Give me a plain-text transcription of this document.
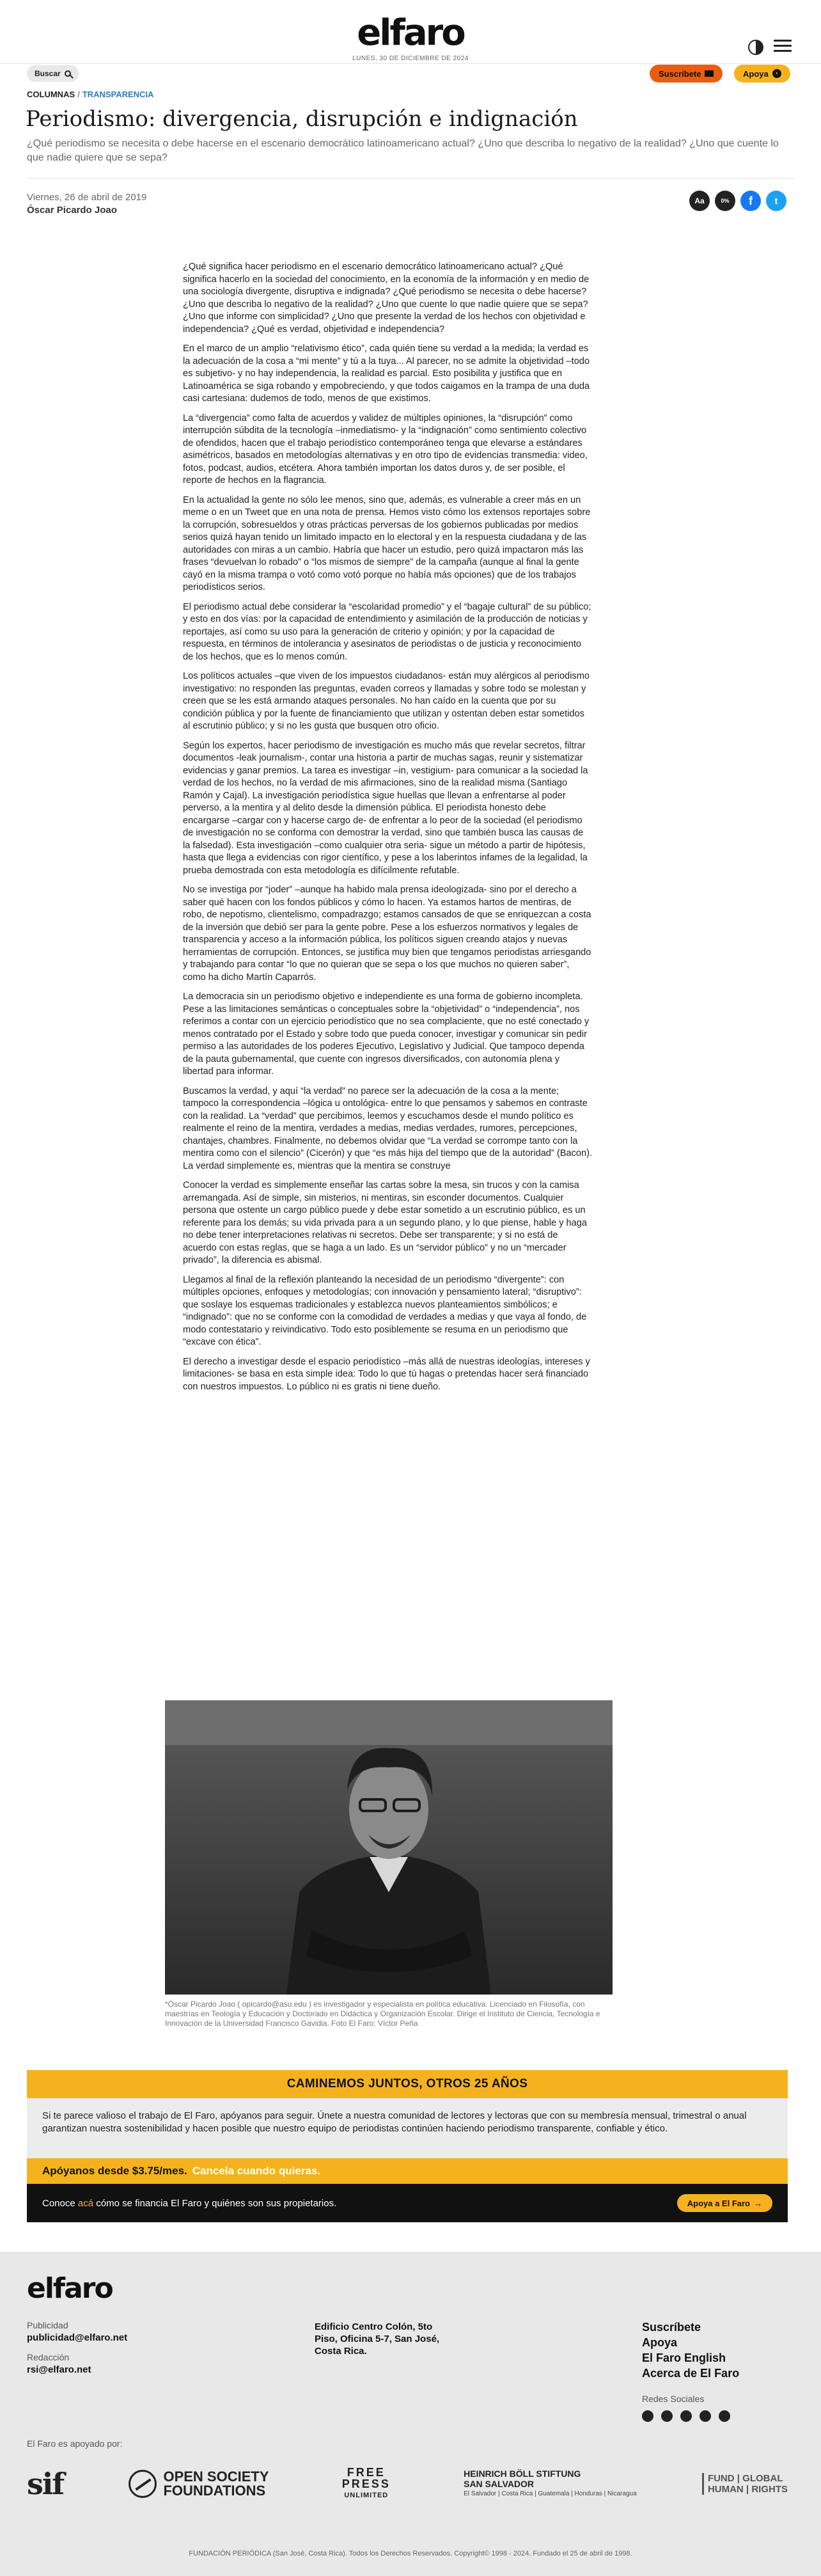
elfaro
LUNES, 30 DE DICIEMBRE DE 2024
Buscar	Suscríbete	Apoya	›
COLUMNAS / TRANSPARENCIA
Periodismo: divergencia, disrupción e indignación

¿Qué periodismo se necesita o debe hacerse en el escenario democrático latinoamericano actual? ¿Uno que describa lo negativo de la realidad? ¿Uno que cuente lo que nadie quiere que se sepa?

Viernes, 26 de abril de 2019
Óscar Picardo Joao
Aa	0%	f	t

¿Qué significa hacer periodismo en el escenario democrático latinoamericano actual? ¿Qué significa hacerlo en la sociedad del conocimiento, en la economía de la información y en medio de una sociología divergente, disruptiva e indignada? ¿Qué periodismo se necesita o debe hacerse? ¿Uno que describa lo negativo de la realidad? ¿Uno que cuente lo que nadie quiere que se sepa? ¿Uno que informe con simplicidad? ¿Uno que presente la verdad de los hechos con objetividad e independencia? ¿Qué es verdad, objetividad e independencia?

En el marco de un amplio “relativismo ético”, cada quién tiene su verdad a la medida; la verdad es la adecuación de la cosa a “mi mente” y tú a la tuya... Al parecer, no se admite la objetividad –todo es subjetivo- y no hay independencia, la realidad es parcial. Esto posibilita y justifica que en Latinoamérica se siga robando y empobreciendo, y que todos caigamos en la trampa de una duda casi cartesiana: dudemos de todo, menos de que existimos.

La “divergencia” como falta de acuerdos y validez de múltiples opiniones, la “disrupción” como interrupción súbdita de la tecnología –inmediatismo- y la “indignación” como sentimiento colectivo de ofendidos, hacen que el trabajo periodístico contemporáneo tenga que elevarse a estándares asimétricos, basados en metodologías alternativas y en otro tipo de evidencias transmedia: video, fotos, podcast, audios, etcétera. Ahora también importan los datos duros y, de ser posible, el reporte de hechos en la flagrancia.

En la actualidad la gente no sólo lee menos, sino que, además, es vulnerable a creer más en un meme o en un Tweet que en una nota de prensa. Hemos visto cómo los extensos reportajes sobre la corrupción, sobresueldos y otras prácticas perversas de los gobiernos publicadas por medios serios quizá hayan tenido un limitado impacto en lo electoral y en la respuesta ciudadana y de las autoridades con miras a un cambio. Habría que hacer un estudio, pero quizá impactaron más las frases “devuelvan lo robado” o “los mismos de siempre” de la campaña (aunque al final la gente cayó en la misma trampa o votó como votó porque no había más opciones) que de los trabajos periodísticos serios.

El periodismo actual debe considerar la “escolaridad promedio” y el “bagaje cultural” de su público; y esto en dos vías: por la capacidad de entendimiento y asimilación de la producción de noticias y reportajes, así como su uso para la generación de criterio y opinión; y por la capacidad de respuesta, en términos de intolerancia y asesinatos de periodistas o de justicia y reconocimiento de los hechos, que es lo menos común.

Los políticos actuales –que viven de los impuestos ciudadanos- están muy alérgicos al periodismo investigativo: no responden las preguntas, evaden correos y llamadas y sobre todo se molestan y creen que se les está armando ataques personales. No han caído en la cuenta que por su condición pública y por la fuente de financiamiento que utilizan y ostentan deben estar sometidos al escrutinio público; y si no les gusta que busquen otro oficio.

Según los expertos, hacer periodismo de investigación es mucho más que revelar secretos, filtrar documentos -leak journalism-, contar una historia a partir de muchas sagas, reunir y sistematizar evidencias y ganar premios. La tarea es investigar –in, vestigium- para comunicar a la sociedad la verdad de los hechos, no la verdad de mis afirmaciones, sino de la realidad misma (Santiago Ramón y Cajal). La investigación periodística sigue huellas que llevan a enfrentarse al poder perverso, a la mentira y al delito desde la dimensión pública. El periodista honesto debe encargarse –cargar con y hacerse cargo de- de enfrentar a lo peor de la sociedad (el periodismo de investigación no se conforma con demostrar la verdad, sino que también busca las causas de la falsedad). Esta investigación –como cualquier otra seria- sigue un método a partir de hipótesis, hasta que llega a evidencias con rigor científico, y pese a los laberintos infames de la legalidad, la prueba demostrada con esta metodología es difícilmente refutable.

No se investiga por “joder” –aunque ha habido mala prensa ideologizada- sino por el derecho a saber qué hacen con los fondos públicos y cómo lo hacen. Ya estamos hartos de mentiras, de robo, de nepotismo, clientelismo, compadrazgo; estamos cansados de que se enriquezcan a costa de la inversión que debió ser para la gente pobre. Pese a los esfuerzos normativos y legales de transparencia y acceso a la información pública, los políticos siguen creando atajos y nuevas herramientas de corrupción. Entonces, se justifica muy bien que tengamos periodistas arriesgando y trabajando para contar “lo que no quieran que se sepa o los que muchos no quieren saber”, como ha dicho Martín Caparrós.

La democracia sin un periodismo objetivo e independiente es una forma de gobierno incompleta. Pese a las limitaciones semánticas o conceptuales sobre la “objetividad” o “independencia”, nos referimos a contar con un ejercicio periodístico que no sea complaciente, que no esté conectado y menos contratado por el Estado y sobre todo que pueda conocer, investigar y comunicar sin pedir permiso a las autoridades de los poderes Ejecutivo, Legislativo y Judicial. Que tampoco dependa de la pauta gubernamental, que cuente con ingresos diversificados, con autonomía plena y libertad para informar.

Buscamos la verdad, y aquí “la verdad” no parece ser la adecuación de la cosa a la mente; tampoco la correspondencia –lógica u ontológica- entre lo que pensamos y sabemos en contraste con la realidad. La “verdad” que percibimos, leemos y escuchamos desde el mundo político es realmente el reino de la mentira, verdades a medias, medias verdades, rumores, percepciones, chantajes, chambres. Finalmente, no debemos olvidar que “La verdad se corrompe tanto con la mentira como con el silencio” (Cicerón) y que “es más hija del tiempo que de la autoridad” (Bacon). La verdad simplemente es, mientras que la mentira se construye

Conocer la verdad es simplemente enseñar las cartas sobre la mesa, sin trucos y con la camisa arremangada. Así de simple, sin misterios, ni mentiras, sin esconder documentos. Cualquier persona que ostente un cargo público puede y debe estar sometido a un escrutinio público, es un referente para los demás; su vida privada para a un segundo plano, y lo que piense, hable y haga no debe tener interpretaciones relativas ni secretos. Debe ser transparente; y si no está de acuerdo con estas reglas, que se haga a un lado. Es un “servidor público” y no un “mercader privado”, la diferencia es abismal.

Llegamos al final de la reflexión planteando la necesidad de un periodismo “divergente”: con múltiples opciones, enfoques y metodologías; con innovación y pensamiento lateral; “disruptivo”: que soslaye los esquemas tradicionales y establezca nuevos planteamientos simbólicos; e “indignado”: que no se conforme con la comodidad de verdades a medias y que vaya al fondo, de modo contestatario y reivindicativo. Todo esto posiblemente se resuma en un periodismo que “excave con ética”.

El derecho a investigar desde el espacio periodístico –más allá de nuestras ideologías, intereses y limitaciones- se basa en esta simple idea: Todo lo que tú hagas o pretendas hacer será financiado con nuestros impuestos. Lo público ni es gratis ni tiene dueño.

*Óscar Picardo Joao ( opicardo@asu.edu ) es investigador y especialista en política educativa. Licenciado en Filosofía, con maestrías en Teología y Educación y Doctorado en Didáctica y Organización Escolar. Dirige el Instituto de Ciencia, Tecnología e Innovación de la Universidad Francisco Gavidia. Foto El Faro: Víctor Peña

CAMINEMOS JUNTOS, OTROS 25 AÑOS
Si te parece valioso el trabajo de El Faro, apóyanos para seguir. Únete a nuestra comunidad de lectores y lectoras que con su membresía mensual, trimestral o anual garantizan nuestra sostenibilidad y hacen posible que nuestro equipo de periodistas continúen haciendo periodismo transparente, confiable y ético.
Apóyanos desde $3.75/mes. Cancela cuando quieras.
Conoce acá cómo se financia El Faro y quiénes son sus propietarios.	Apoya a El Faro →
elfaro
Publicidad
publicidad@elfaro.net
Redacción
rsi@elfaro.net
Edificio Centro Colón, 5to
Piso, Oficina 5-7, San José,
Costa Rica.
Suscríbete
Apoya
El Faro English
Acerca de El Faro
Redes Sociales
El Faro es apoyado por:
sif	OPEN SOCIETY
FOUNDATIONS
FREE
PRESS
UNLIMITED
HEINRICH BÖLL STIFTUNG
SAN SALVADOR
El Salvador | Costa Rica | Guatemala | Honduras | Nicaragua
FUND | GLOBAL
HUMAN | RIGHTS
FUNDACIÓN PERIÓDICA (San José, Costa Rica). Todos los Derechos Reservados. Copyright© 1998 - 2024. Fundado el 25 de abril de 1998.
